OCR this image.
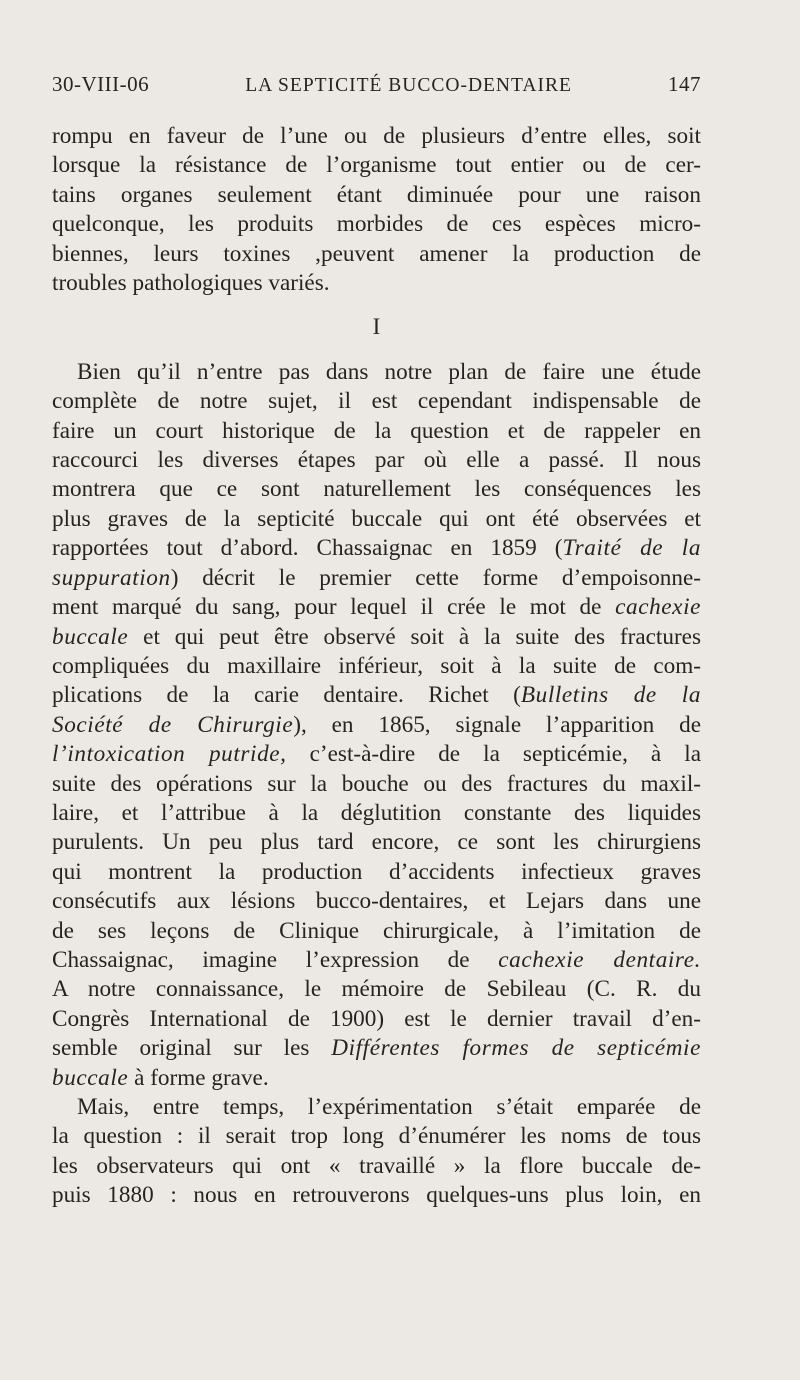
30-VIII-06	LA SEPTICITÉ BUCCO-DENTAIRE	147
rompu en faveur de l’une ou de plusieurs d’entre elles, soit
lorsque la résistance de l’organisme tout entier ou de cer-
tains organes seulement étant diminuée pour une raison
quelconque, les produits morbides de ces espèces micro-
biennes, leurs toxines ,peuvent amener la production de
troubles pathologiques variés.
I
Bien qu’il n’entre pas dans notre plan de faire une étude
complète de notre sujet, il est cependant indispensable de
faire un court historique de la question et de rappeler en
raccourci les diverses étapes par où elle a passé. Il nous
montrera que ce sont naturellement les conséquences les
plus graves de la septicité buccale qui ont été observées et
rapportées tout d’abord. Chassaignac en 1859 (Traité de la
suppuration) décrit le premier cette forme d’empoisonne-
ment marqué du sang, pour lequel il crée le mot de cachexie
buccale et qui peut être observé soit à la suite des fractures
compliquées du maxillaire inférieur, soit à la suite de com-
plications de la carie dentaire. Richet (Bulletins de la
Société de Chirurgie), en 1865, signale l’apparition de
l’intoxication putride, c’est-à-dire de la septicémie, à la
suite des opérations sur la bouche ou des fractures du maxil-
laire, et l’attribue à la déglutition constante des liquides
purulents. Un peu plus tard encore, ce sont les chirurgiens
qui montrent la production d’accidents infectieux graves
consécutifs aux lésions bucco-dentaires, et Lejars dans une
de ses leçons de Clinique chirurgicale, à l’imitation de
Chassaignac, imagine l’expression de cachexie dentaire.
A notre connaissance, le mémoire de Sebileau (C. R. du
Congrès International de 1900) est le dernier travail d’en-
semble original sur les Différentes formes de septicémie
buccale à forme grave.
Mais, entre temps, l’expérimentation s’était emparée de
la question : il serait trop long d’énumérer les noms de tous
les observateurs qui ont « travaillé » la flore buccale de-
puis 1880 : nous en retrouverons quelques-uns plus loin, en
